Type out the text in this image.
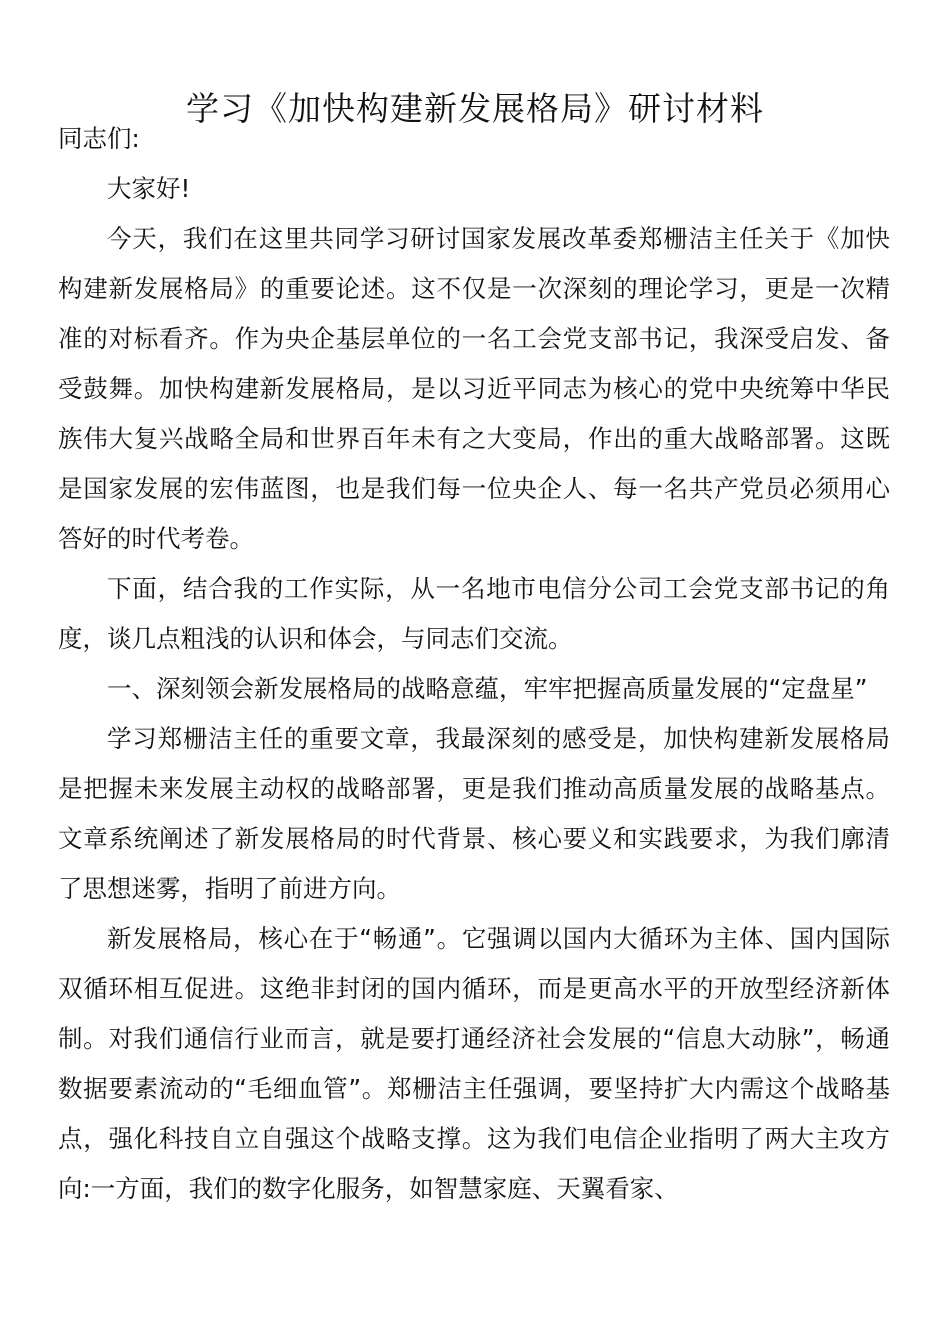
学习《加快构建新发展格局》研讨材料

同志们:

大家好!

今天，我们在这里共同学习研讨国家发展改革委郑栅洁主任关于《加快构建新发展格局》的重要论述。这不仅是一次深刻的理论学习，更是一次精准的对标看齐。作为央企基层单位的一名工会党支部书记，我深受启发、备受鼓舞。加快构建新发展格局，是以习近平同志为核心的党中央统筹中华民族伟大复兴战略全局和世界百年未有之大变局，作出的重大战略部署。这既是国家发展的宏伟蓝图，也是我们每一位央企人、每一名共产党员必须用心答好的时代考卷。

下面，结合我的工作实际，从一名地市电信分公司工会党支部书记的角度，谈几点粗浅的认识和体会，与同志们交流。

一、深刻领会新发展格局的战略意蕴，牢牢把握高质量发展的“定盘星”

学习郑栅洁主任的重要文章，我最深刻的感受是，加快构建新发展格局是把握未来发展主动权的战略部署，更是我们推动高质量发展的战略基点。文章系统阐述了新发展格局的时代背景、核心要义和实践要求，为我们廓清了思想迷雾，指明了前进方向。

新发展格局，核心在于“畅通”。它强调以国内大循环为主体、国内国际双循环相互促进。这绝非封闭的国内循环，而是更高水平的开放型经济新体制。对我们通信行业而言，就是要打通经济社会发展的“信息大动脉”，畅通数据要素流动的“毛细血管”。郑栅洁主任强调，要坚持扩大内需这个战略基点，强化科技自立自强这个战略支撑。这为我们电信企业指明了两大主攻方向:一方面，我们的数字化服务，如智慧家庭、天翼看家、
